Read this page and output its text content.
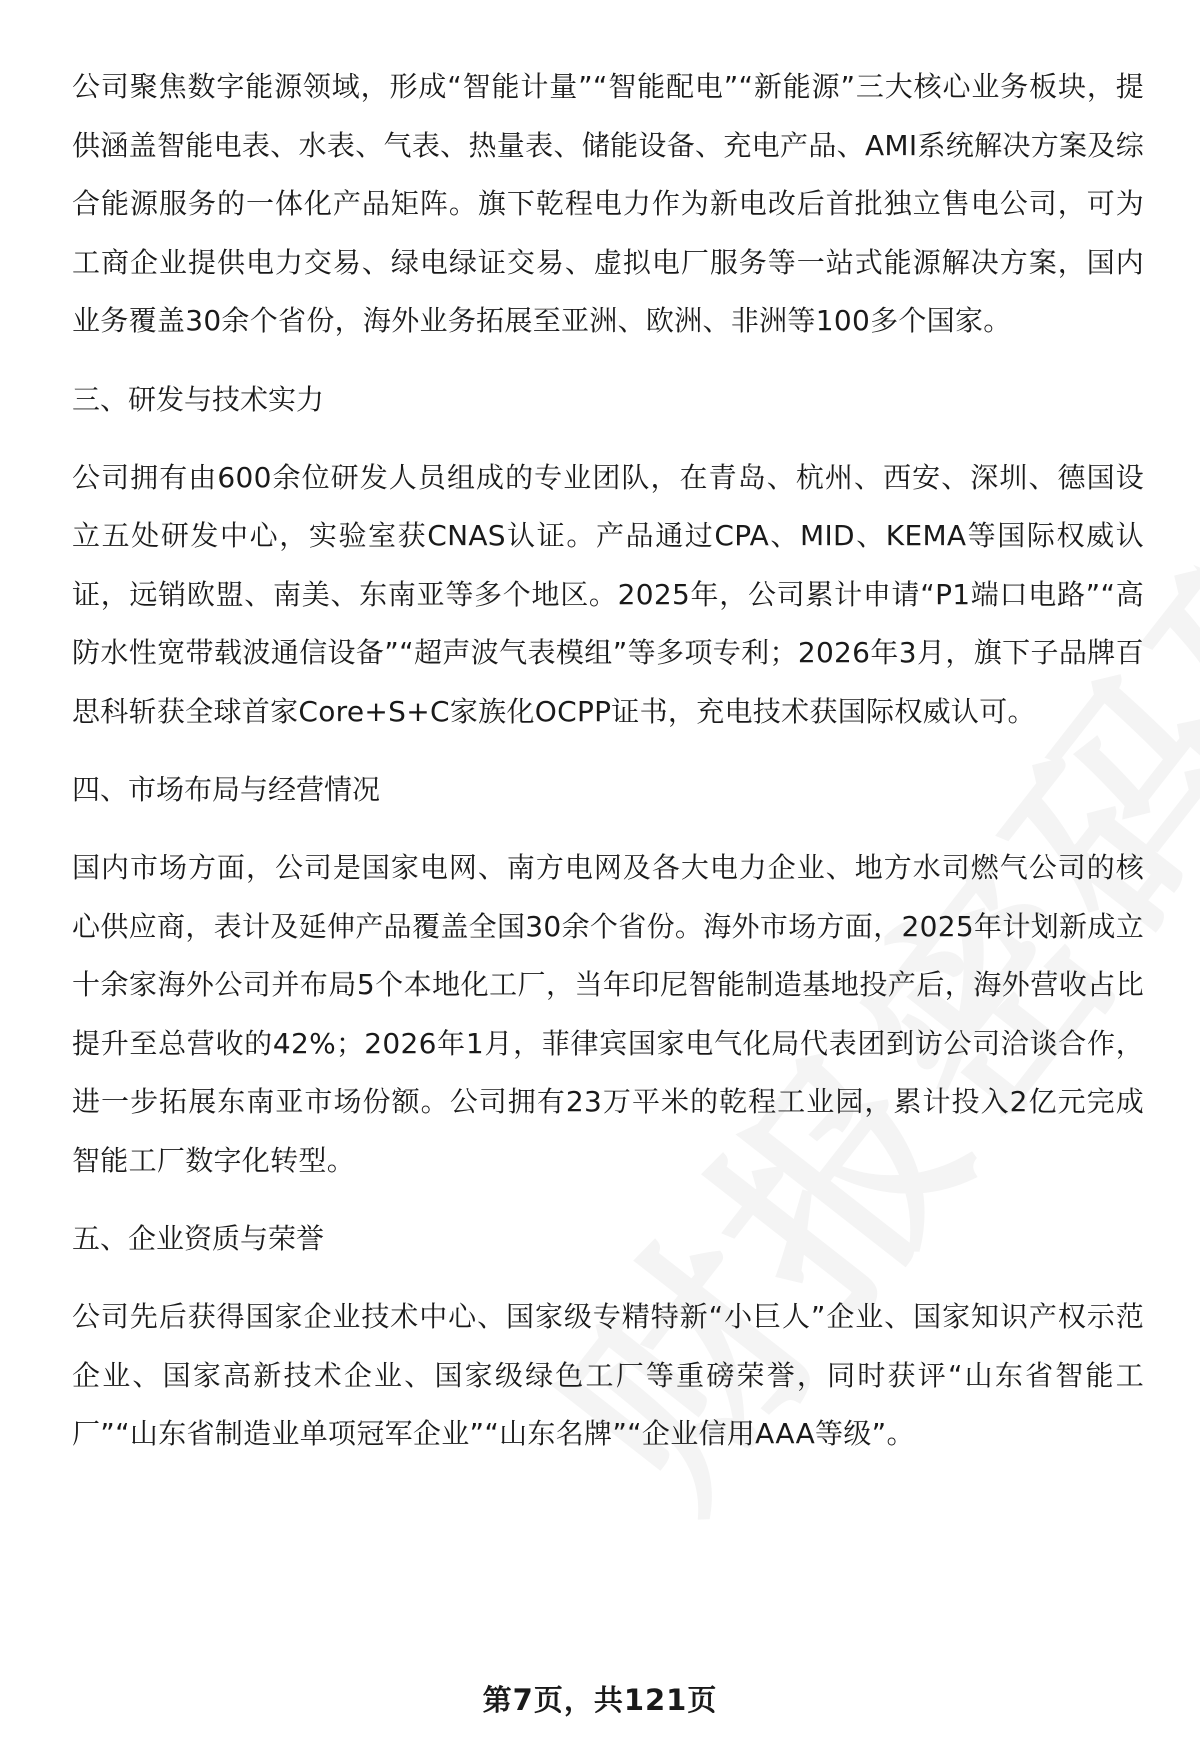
公司聚焦数字能源领域，形成“智能计量”“智能配电”“新能源”三大核心业务板块，提供涵盖智能电表、水表、气表、热量表、储能设备、充电产品、AMI系统解决方案及综合能源服务的一体化产品矩阵。旗下乾程电力作为新电改后首批独立售电公司，可为工商企业提供电力交易、绿电绿证交易、虚拟电厂服务等一站式能源解决方案，国内业务覆盖30余个省份，海外业务拓展至亚洲、欧洲、非洲等100多个国家。

三、研发与技术实力

公司拥有由600余位研发人员组成的专业团队，在青岛、杭州、西安、深圳、德国设立五处研发中心，实验室获CNAS认证。产品通过CPA、MID、KEMA等国际权威认证，远销欧盟、南美、东南亚等多个地区。2025年，公司累计申请“P1端口电路”“高防水性宽带载波通信设备”“超声波气表模组”等多项专利；2026年3月，旗下子品牌百思科斩获全球首家Core+S+C家族化OCPP证书，充电技术获国际权威认可。

四、市场布局与经营情况

国内市场方面，公司是国家电网、南方电网及各大电力企业、地方水司燃气公司的核心供应商，表计及延伸产品覆盖全国30余个省份。海外市场方面，2025年计划新成立十余家海外公司并布局5个本地化工厂，当年印尼智能制造基地投产后，海外营收占比提升至总营收的42%；2026年1月，菲律宾国家电气化局代表团到访公司洽谈合作，进一步拓展东南亚市场份额。公司拥有23万平米的乾程工业园，累计投入2亿元完成智能工厂数字化转型。

五、企业资质与荣誉

公司先后获得国家企业技术中心、国家级专精特新“小巨人”企业、国家知识产权示范企业、国家高新技术企业、国家级绿色工厂等重磅荣誉，同时获评“山东省智能工厂”“山东省制造业单项冠军企业”“山东名牌”“企业信用AAA等级”。

第7页，共121页
